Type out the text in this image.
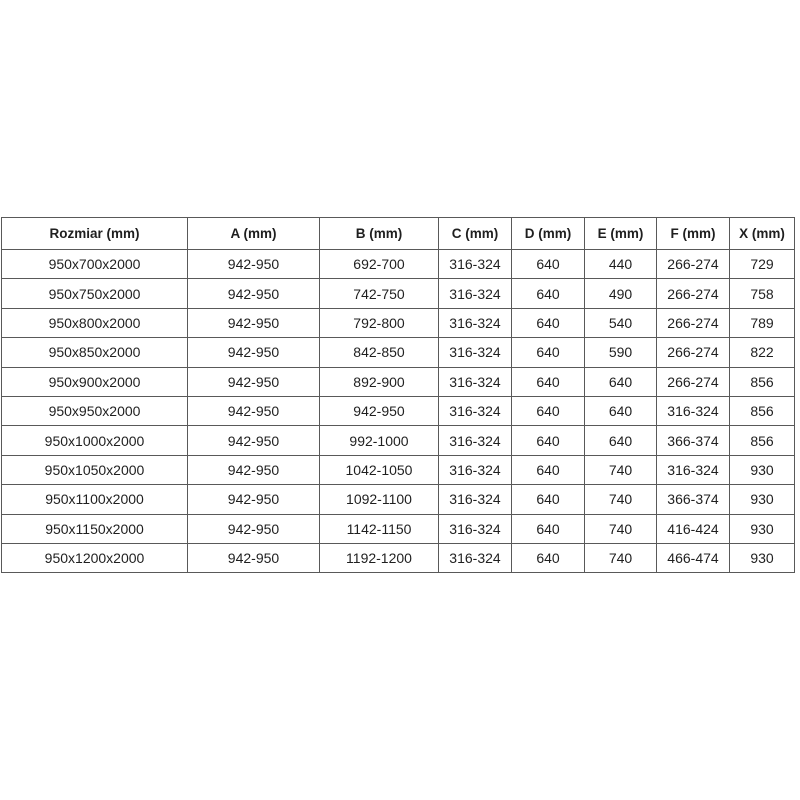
Rozmiar (mm)	A (mm)	B (mm)	C (mm)	D (mm)	E (mm)	F (mm)	X (mm)
950x700x2000	942-950	692-700	316-324	640	440	266-274	729
950x750x2000	942-950	742-750	316-324	640	490	266-274	758
950x800x2000	942-950	792-800	316-324	640	540	266-274	789
950x850x2000	942-950	842-850	316-324	640	590	266-274	822
950x900x2000	942-950	892-900	316-324	640	640	266-274	856
950x950x2000	942-950	942-950	316-324	640	640	316-324	856
950x1000x2000	942-950	992-1000	316-324	640	640	366-374	856
950x1050x2000	942-950	1042-1050	316-324	640	740	316-324	930
950x1100x2000	942-950	1092-1100	316-324	640	740	366-374	930
950x1150x2000	942-950	1142-1150	316-324	640	740	416-424	930
950x1200x2000	942-950	1192-1200	316-324	640	740	466-474	930
